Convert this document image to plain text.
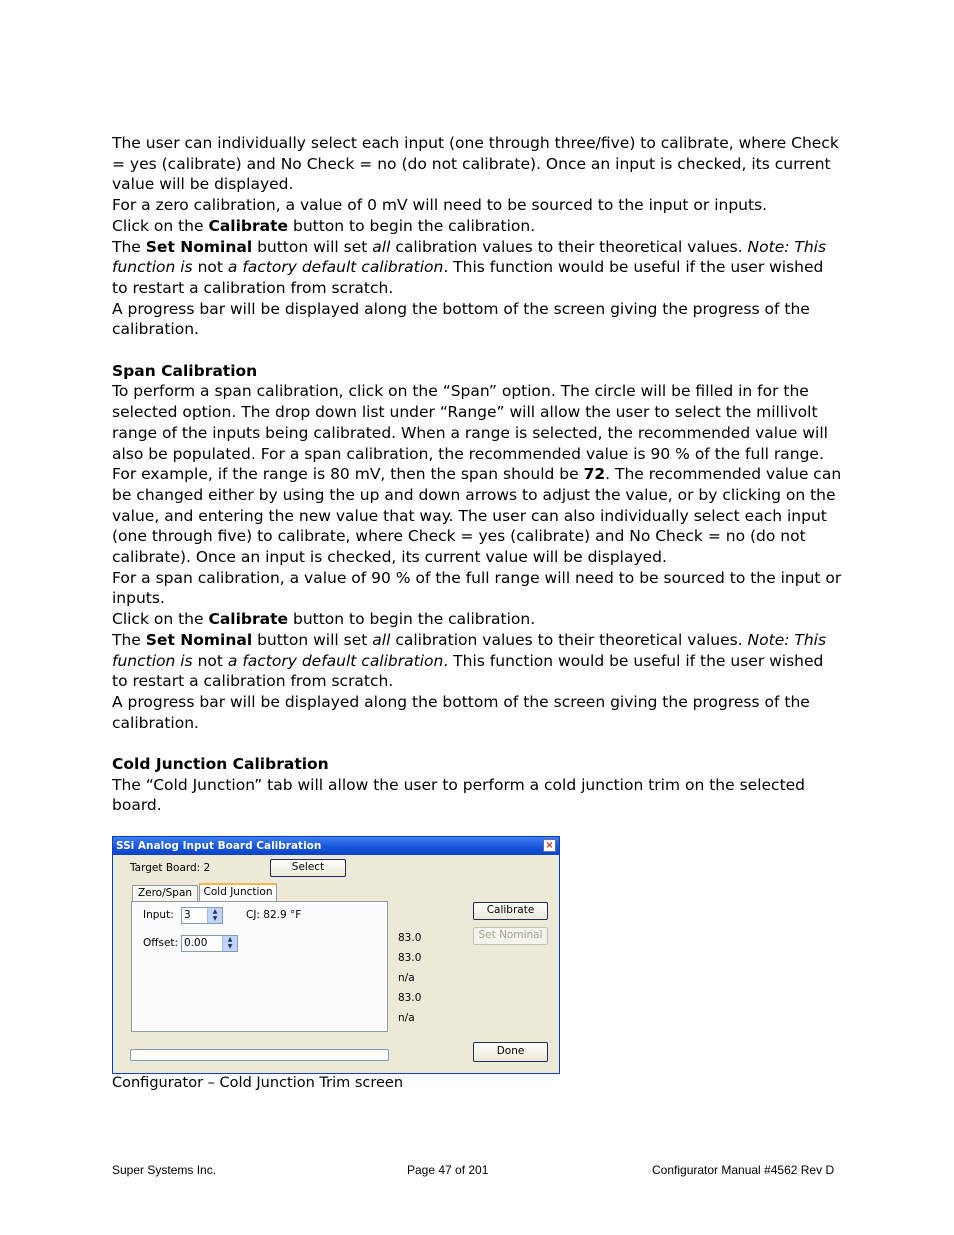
The user can individually select each input (one through three/five) to calibrate, where Check = yes (calibrate) and No Check = no (do not calibrate). Once an input is checked, its current value will be displayed.

For a zero calibration, a value of 0 mV will need to be sourced to the input or inputs.

Click on the Calibrate button to begin the calibration.

The Set Nominal button will set all calibration values to their theoretical values. Note: This function is not a factory default calibration. This function would be useful if the user wished to restart a calibration from scratch.

A progress bar will be displayed along the bottom of the screen giving the progress of the calibration.

Span Calibration

To perform a span calibration, click on the “Span” option. The circle will be filled in for the selected option. The drop down list under “Range” will allow the user to select the millivolt range of the inputs being calibrated. When a range is selected, the recommended value will also be populated. For a span calibration, the recommended value is 90 % of the full range. For example, if the range is 80 mV, then the span should be 72. The recommended value can be changed either by using the up and down arrows to adjust the value, or by clicking on the value, and entering the new value that way. The user can also individually select each input (one through five) to calibrate, where Check = yes (calibrate) and No Check = no (do not calibrate). Once an input is checked, its current value will be displayed.

For a span calibration, a value of 90 % of the full range will need to be sourced to the input or inputs.

Click on the Calibrate button to begin the calibration.

The Set Nominal button will set all calibration values to their theoretical values. Note: This function is not a factory default calibration. This function would be useful if the user wished to restart a calibration from scratch.

A progress bar will be displayed along the bottom of the screen giving the progress of the calibration.

Cold Junction Calibration

The “Cold Junction” tab will allow the user to perform a cold junction trim on the selected board.

SSi Analog Input Board Calibration	×
Target Board: 2	Select
Zero/Span	Cold Junction
Input: 3	▲
▼	CJ: 82.9 °F
Offset: 0.00	▲
▼
83.0
83.0
n/a
83.0
n/a
Calibrate
Set Nominal
Done
Configurator – Cold Junction Trim screen
Super Systems Inc.	Page 47 of 201	Configurator Manual #4562 Rev D
